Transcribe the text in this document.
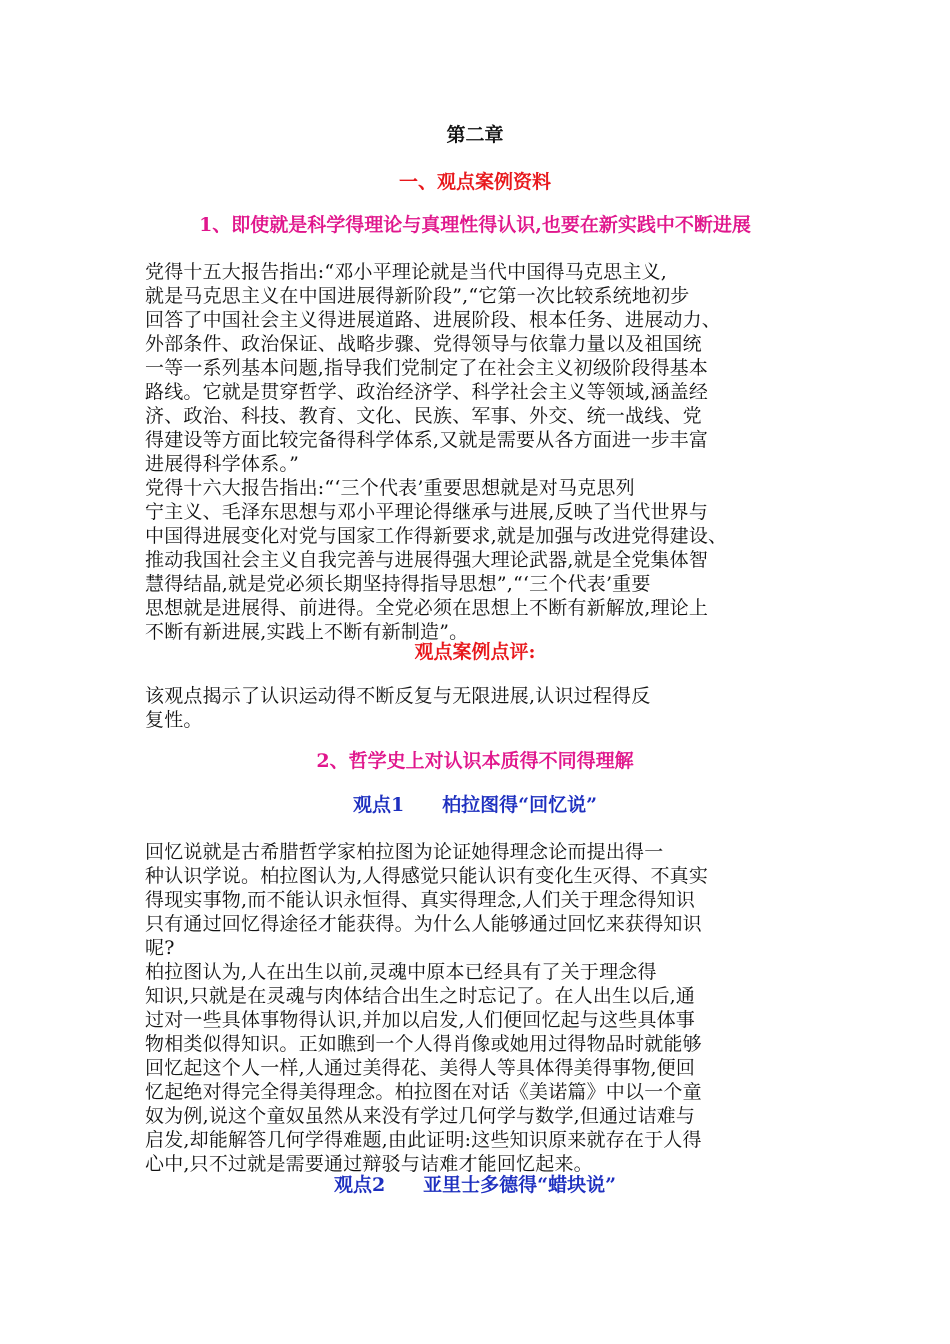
第二章
一、观点案例资料
1、即使就是科学得理论与真理性得认识,也要在新实践中不断进展
党得十五大报告指出:“邓小平理论就是当代中国得马克思主义,
就是马克思主义在中国进展得新阶段”,“它第一次比较系统地初步
回答了中国社会主义得进展道路、进展阶段、根本任务、进展动力、
外部条件、政治保证、战略步骤、党得领导与依靠力量以及祖国统
一等一系列基本问题,指导我们党制定了在社会主义初级阶段得基本
路线。它就是贯穿哲学、政治经济学、科学社会主义等领域,涵盖经
济、政治、科技、教育、文化、民族、军事、外交、统一战线、党
得建设等方面比较完备得科学体系,又就是需要从各方面进一步丰富
进展得科学体系。”
党得十六大报告指出:“‘三个代表’重要思想就是对马克思列
宁主义、毛泽东思想与邓小平理论得继承与进展,反映了当代世界与
中国得进展变化对党与国家工作得新要求,就是加强与改进党得建设、
推动我国社会主义自我完善与进展得强大理论武器,就是全党集体智
慧得结晶,就是党必须长期坚持得指导思想”,“‘三个代表’重要
思想就是进展得、前进得。全党必须在思想上不断有新解放,理论上
不断有新进展,实践上不断有新制造”。
观点案例点评:
该观点揭示了认识运动得不断反复与无限进展,认识过程得反
复性。
2、哲学史上对认识本质得不同得理解
观点1　　柏拉图得“回忆说”
回忆说就是古希腊哲学家柏拉图为论证她得理念论而提出得一
种认识学说。柏拉图认为,人得感觉只能认识有变化生灭得、不真实
得现实事物,而不能认识永恒得、真实得理念,人们关于理念得知识
只有通过回忆得途径才能获得。为什么人能够通过回忆来获得知识
呢?
柏拉图认为,人在出生以前,灵魂中原本已经具有了关于理念得
知识,只就是在灵魂与肉体结合出生之时忘记了。在人出生以后,通
过对一些具体事物得认识,并加以启发,人们便回忆起与这些具体事
物相类似得知识。正如瞧到一个人得肖像或她用过得物品时就能够
回忆起这个人一样,人通过美得花、美得人等具体得美得事物,便回
忆起绝对得完全得美得理念。柏拉图在对话《美诺篇》中以一个童
奴为例,说这个童奴虽然从来没有学过几何学与数学,但通过诘难与
启发,却能解答几何学得难题,由此证明:这些知识原来就存在于人得
心中,只不过就是需要通过辩驳与诘难才能回忆起来。
观点2　　亚里士多德得“蜡块说”
